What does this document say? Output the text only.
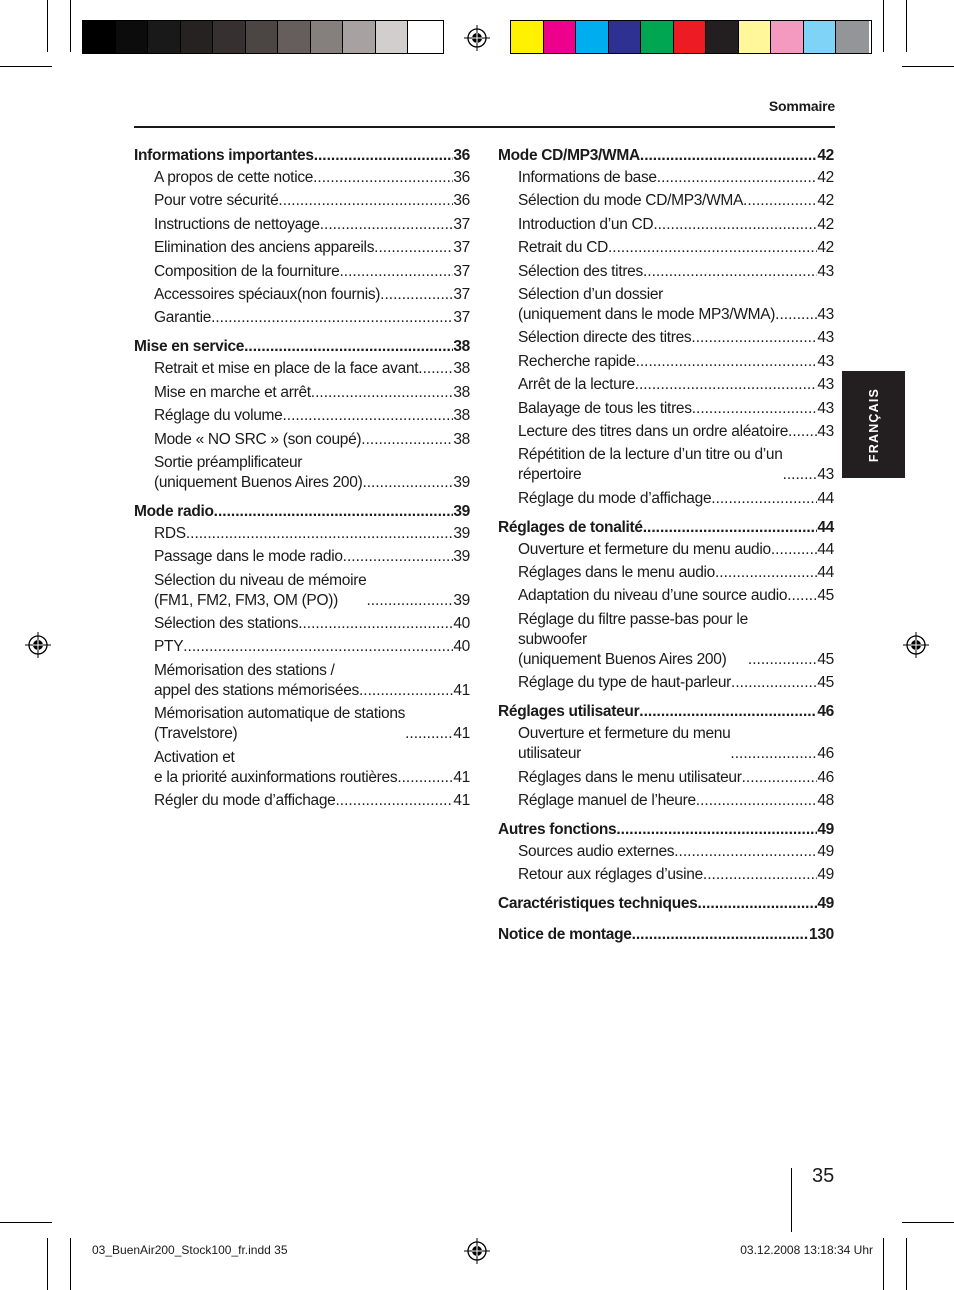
Sommaire
Informations importantes .....	36
A propos de cette notice .....	36
Pour votre sécurité .....	36
Instructions de nettoyage .....	37
Elimination des anciens appareils .....	37
Composition de la fourniture .....	37
Accessoires spéciaux(non fournis) .....	37
Garantie .....	37
Mise en service .....	38
Retrait et mise en place de la face avant ..... 38
Mise en marche et arrêt .....	38
Réglage du volume .....	38
Mode « NO SRC » (son coupé) .....	38
Sortie préamplificateur
(uniquement Buenos Aires 200) .....	39
Mode radio .....	39
RDS .....	39
Passage dans le mode radio .....	39
Sélection du niveau de mémoire
(FM1, FM2, FM3, OM (PO)) .....	39
Sélection des stations .....	40
PTY .....	40
Mémorisation des stations /
appel des stations mémorisées .....	41
Mémorisation automatique de stations
(Travelstore) .....	41
Activation et
e la priorité auxinformations routières .....	41
Régler du mode d’affichage .....	41
Mode CD/MP3/WMA .....	42
Informations de base .....	42
Sélection du mode CD/MP3/WMA .....	42
Introduction d’un CD .....	42
Retrait du CD .....	42
Sélection des titres .....	43
Sélection d’un dossier
(uniquement dans le mode MP3/WMA) .....	43
Sélection directe des titres .....	43
Recherche rapide .....	43
Arrêt de la lecture .....	43
Balayage de tous les titres .....	43
Lecture des titres dans un ordre aléatoire ..... 43
Répétition de la lecture d’un titre ou d’un
répertoire .....	43
Réglage du mode d’affichage .....	44
Réglages de tonalité .....	44
Ouverture et fermeture du menu audio .....	44
Réglages dans le menu audio .....	44
Adaptation du niveau d’une source audio ..... 45
Réglage du filtre passe-bas pour le
subwoofer
(uniquement Buenos Aires 200) .....	45
Réglage du type de haut-parleur .....	45
Réglages utilisateur .....	46
Ouverture et fermeture du menu
utilisateur .....	46
Réglages dans le menu utilisateur .....	46
Réglage manuel de l’heure .....	48
Autres fonctions .....	49
Sources audio externes .....	49
Retour aux réglages d’usine .....	49
Caractéristiques techniques .....	49
Notice de montage .....	130
FRANÇAIS
35
03_BuenAir200_Stock100_fr.indd 35	03.12.2008 13:18:34 Uhr
